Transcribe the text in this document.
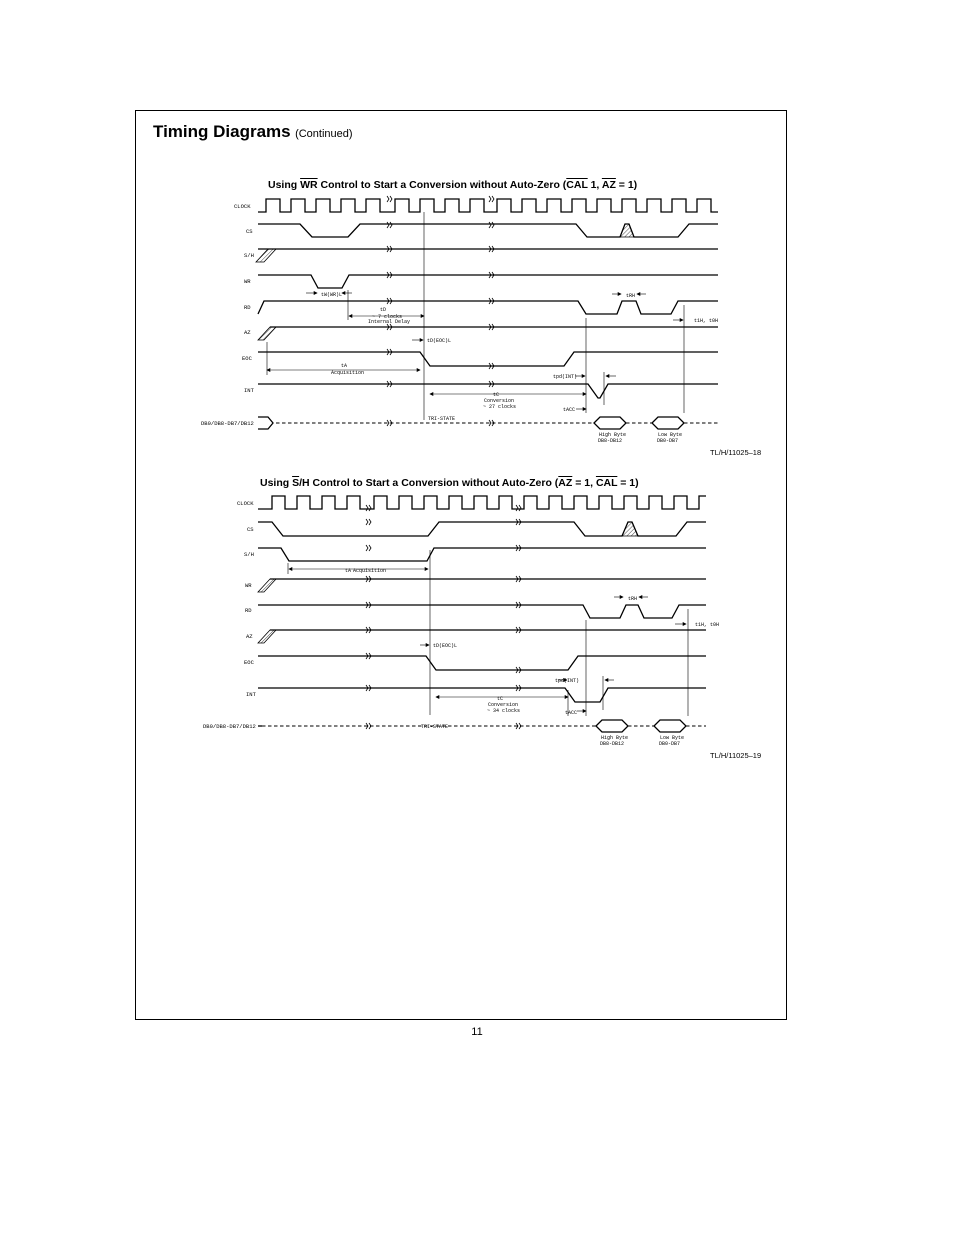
Timing Diagrams (Continued)
Using $\overline{WR}$ Control to Start a Conversion without Auto-Zero ($\overline{CAL}$ 1, $\overline{AZ} = 1$)
Using $\overline{S}/H$ Control to Start a Conversion without Auto-Zero ($\overline{AZ} = 1$, $\overline{CAL} = 1$)
CLOCK
CS
S/H
WR
RD
AZ
EOC
INT
DB0/DB8-DB7/DB12
tW(WR)L
tD
~ 7 clocks
Internal Delay
tD(EOC)L
tA
Acquisition
tC
Conversion
~ 27 clocks
tpd(INT)
tACC
tRH
t1H, t0H
TRI-STATE
High Byte
DB8-DB12
Low Byte
DB0-DB7
CLOCK
CS
S/H
WR
RD
AZ
EOC
INT
DB0/DB8-DB7/DB12
tA Acquisition
tD(EOC)L
tC
Conversion
~ 34 clocks
tpd(INT)
tACC
tRH
t1H, t0H
TRI-STATE
High Byte
DB8-DB12
Low Byte
DB0-DB7
TL/H/11025–18
TL/H/11025–19
11
